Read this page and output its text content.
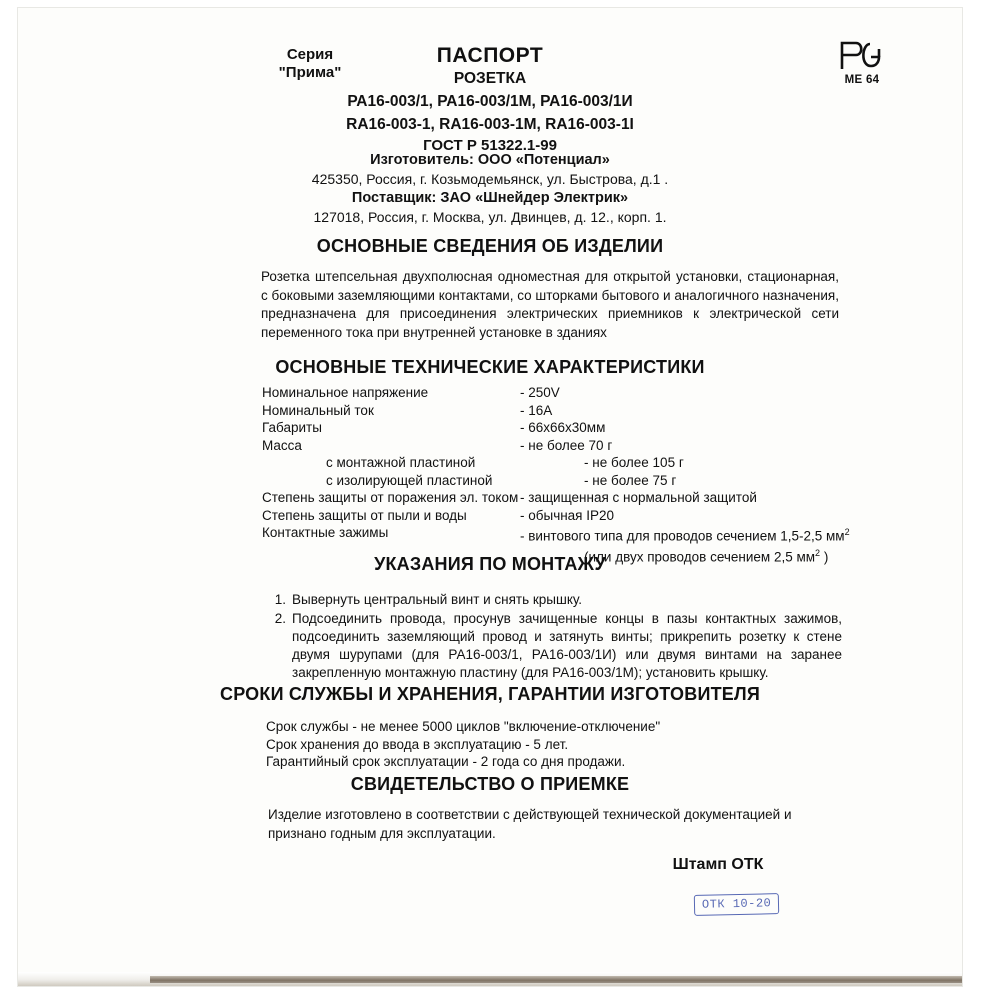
Серия
"Прима"	МЕ 64
ПАСПОРТ
РОЗЕТКА
РА16-003/1, РА16-003/1М, РА16-003/1И
RA16-003-1, RA16-003-1M, RA16-003-1I
ГОСТ Р 51322.1-99
Изготовитель: ООО «Потенциал»
425350, Россия, г. Козьмодемьянск, ул. Быстрова, д.1 .
Поставщик: ЗАО «Шнейдер Электрик»
127018, Россия, г. Москва, ул. Двинцев, д. 12., корп. 1.
ОСНОВНЫЕ СВЕДЕНИЯ ОБ ИЗДЕЛИИ
Розетка штепсельная двухполюсная одноместная для открытой установки, стационарная, с боковыми заземляющими контактами, со шторками бытового и аналогичного назначения, предназначена для присоединения электрических приемников к электрической сети переменного тока при внутренней установке в зданиях
ОСНОВНЫЕ ТЕХНИЧЕСКИЕ ХАРАКТЕРИСТИКИ
Номинальное напряжение	- 250V
Номинальный ток	- 16А
Габариты	- 66х66х30мм
Масса	- не более 70 г
с монтажной пластиной	- не более 105 г
с изолирующей пластиной	- не более 75 г
Степень защиты от поражения эл. током - защищенная с нормальной защитой
Степень защиты от пыли и воды	- обычная IP20
Контактные зажимы	- винтового типа для проводов сечением 1,5-2,5 $мм^2$
(или двух проводов сечением 2,5 $мм^2$ )
УКАЗАНИЯ ПО МОНТАЖУ
1. Вывернуть центральный винт и снять крышку.
2. Подсоединить провода, просунув зачищенные концы в пазы контактных зажимов, подсоединить заземляющий провод и затянуть винты; прикрепить розетку к стене двумя шурупами (для РА16-003/1, РА16-003/1И) или двумя винтами на заранее закрепленную монтажную пластину (для РА16-003/1М); установить крышку.
СРОКИ СЛУЖБЫ И ХРАНЕНИЯ, ГАРАНТИИ ИЗГОТОВИТЕЛЯ
Срок службы - не менее 5000 циклов "включение-отключение"
Срок хранения до ввода в эксплуатацию - 5 лет.
Гарантийный срок эксплуатации - 2 года со дня продажи.
СВИДЕТЕЛЬСТВО О ПРИЕМКЕ
Изделие изготовлено в соответствии с действующей технической документацией и признано годным для эксплуатации.
Штамп ОТК
ОТК 10-20
